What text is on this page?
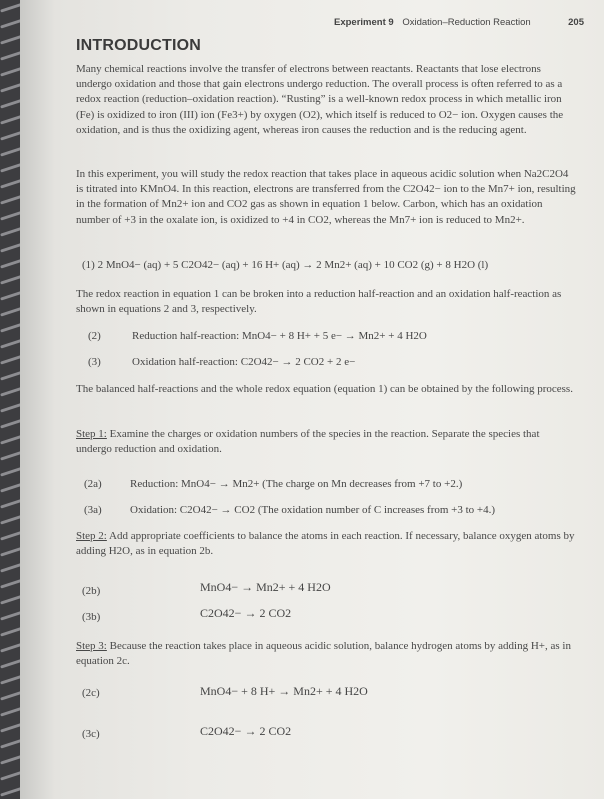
Experiment 9 Oxidation–Reduction Reaction	205
INTRODUCTION

Many chemical reactions involve the transfer of electrons between reactants. Reactants that lose electrons undergo oxidation and those that gain electrons undergo reduction. The overall process is often referred to as a redox reaction (reduction–oxidation reaction). “Rusting” is a well-known redox process in which metallic iron (Fe) is oxidized to iron (III) ion (Fe3+) by oxygen (O2), which itself is reduced to O2− ion. Oxygen causes the oxidation, and is thus the oxidizing agent, whereas iron causes the reduction and is the reducing agent.

In this experiment, you will study the redox reaction that takes place in aqueous acidic solution when Na2C2O4 is titrated into KMnO4. In this reaction, electrons are transferred from the C2O42− ion to the Mn7+ ion, resulting in the formation of Mn2+ ion and CO2 gas as shown in equation 1 below. Carbon, which has an oxidation number of +3 in the oxalate ion, is oxidized to +4 in CO2, whereas the Mn7+ ion is reduced to Mn2+.

(1) 2 MnO4− (aq) + 5 C2O42− (aq) + 16 H+ (aq) → 2 Mn2+ (aq) + 10 CO2 (g) + 8 H2O (l)

The redox reaction in equation 1 can be broken into a reduction half-reaction and an oxidation half-reaction as shown in equations 2 and 3, respectively.

(2)	Reduction half-reaction: MnO4− + 8 H+ + 5 e− → Mn2+ + 4 H2O
(3)	Oxidation half-reaction: C2O42− → 2 CO2 + 2 e−

The balanced half-reactions and the whole redox equation (equation 1) can be obtained by the following process.

Step 1: Examine the charges or oxidation numbers of the species in the reaction. Separate the species that undergo reduction and oxidation.

(2a)	Reduction: MnO4− → Mn2+ (The charge on Mn decreases from +7 to +2.)
(3a)	Oxidation: C2O42− → CO2 (The oxidation number of C increases from +3 to +4.)

Step 2: Add appropriate coefficients to balance the atoms in each reaction. If necessary, balance oxygen atoms by adding H2O, as in equation 2b.

(2b)	MnO4− → Mn2+ + 4 H2O
(3b)	C2O42− → 2 CO2

Step 3: Because the reaction takes place in aqueous acidic solution, balance hydrogen atoms by adding H+, as in equation 2c.

(2c)	MnO4− + 8 H+ → Mn2+ + 4 H2O
(3c)	C2O42− → 2 CO2
